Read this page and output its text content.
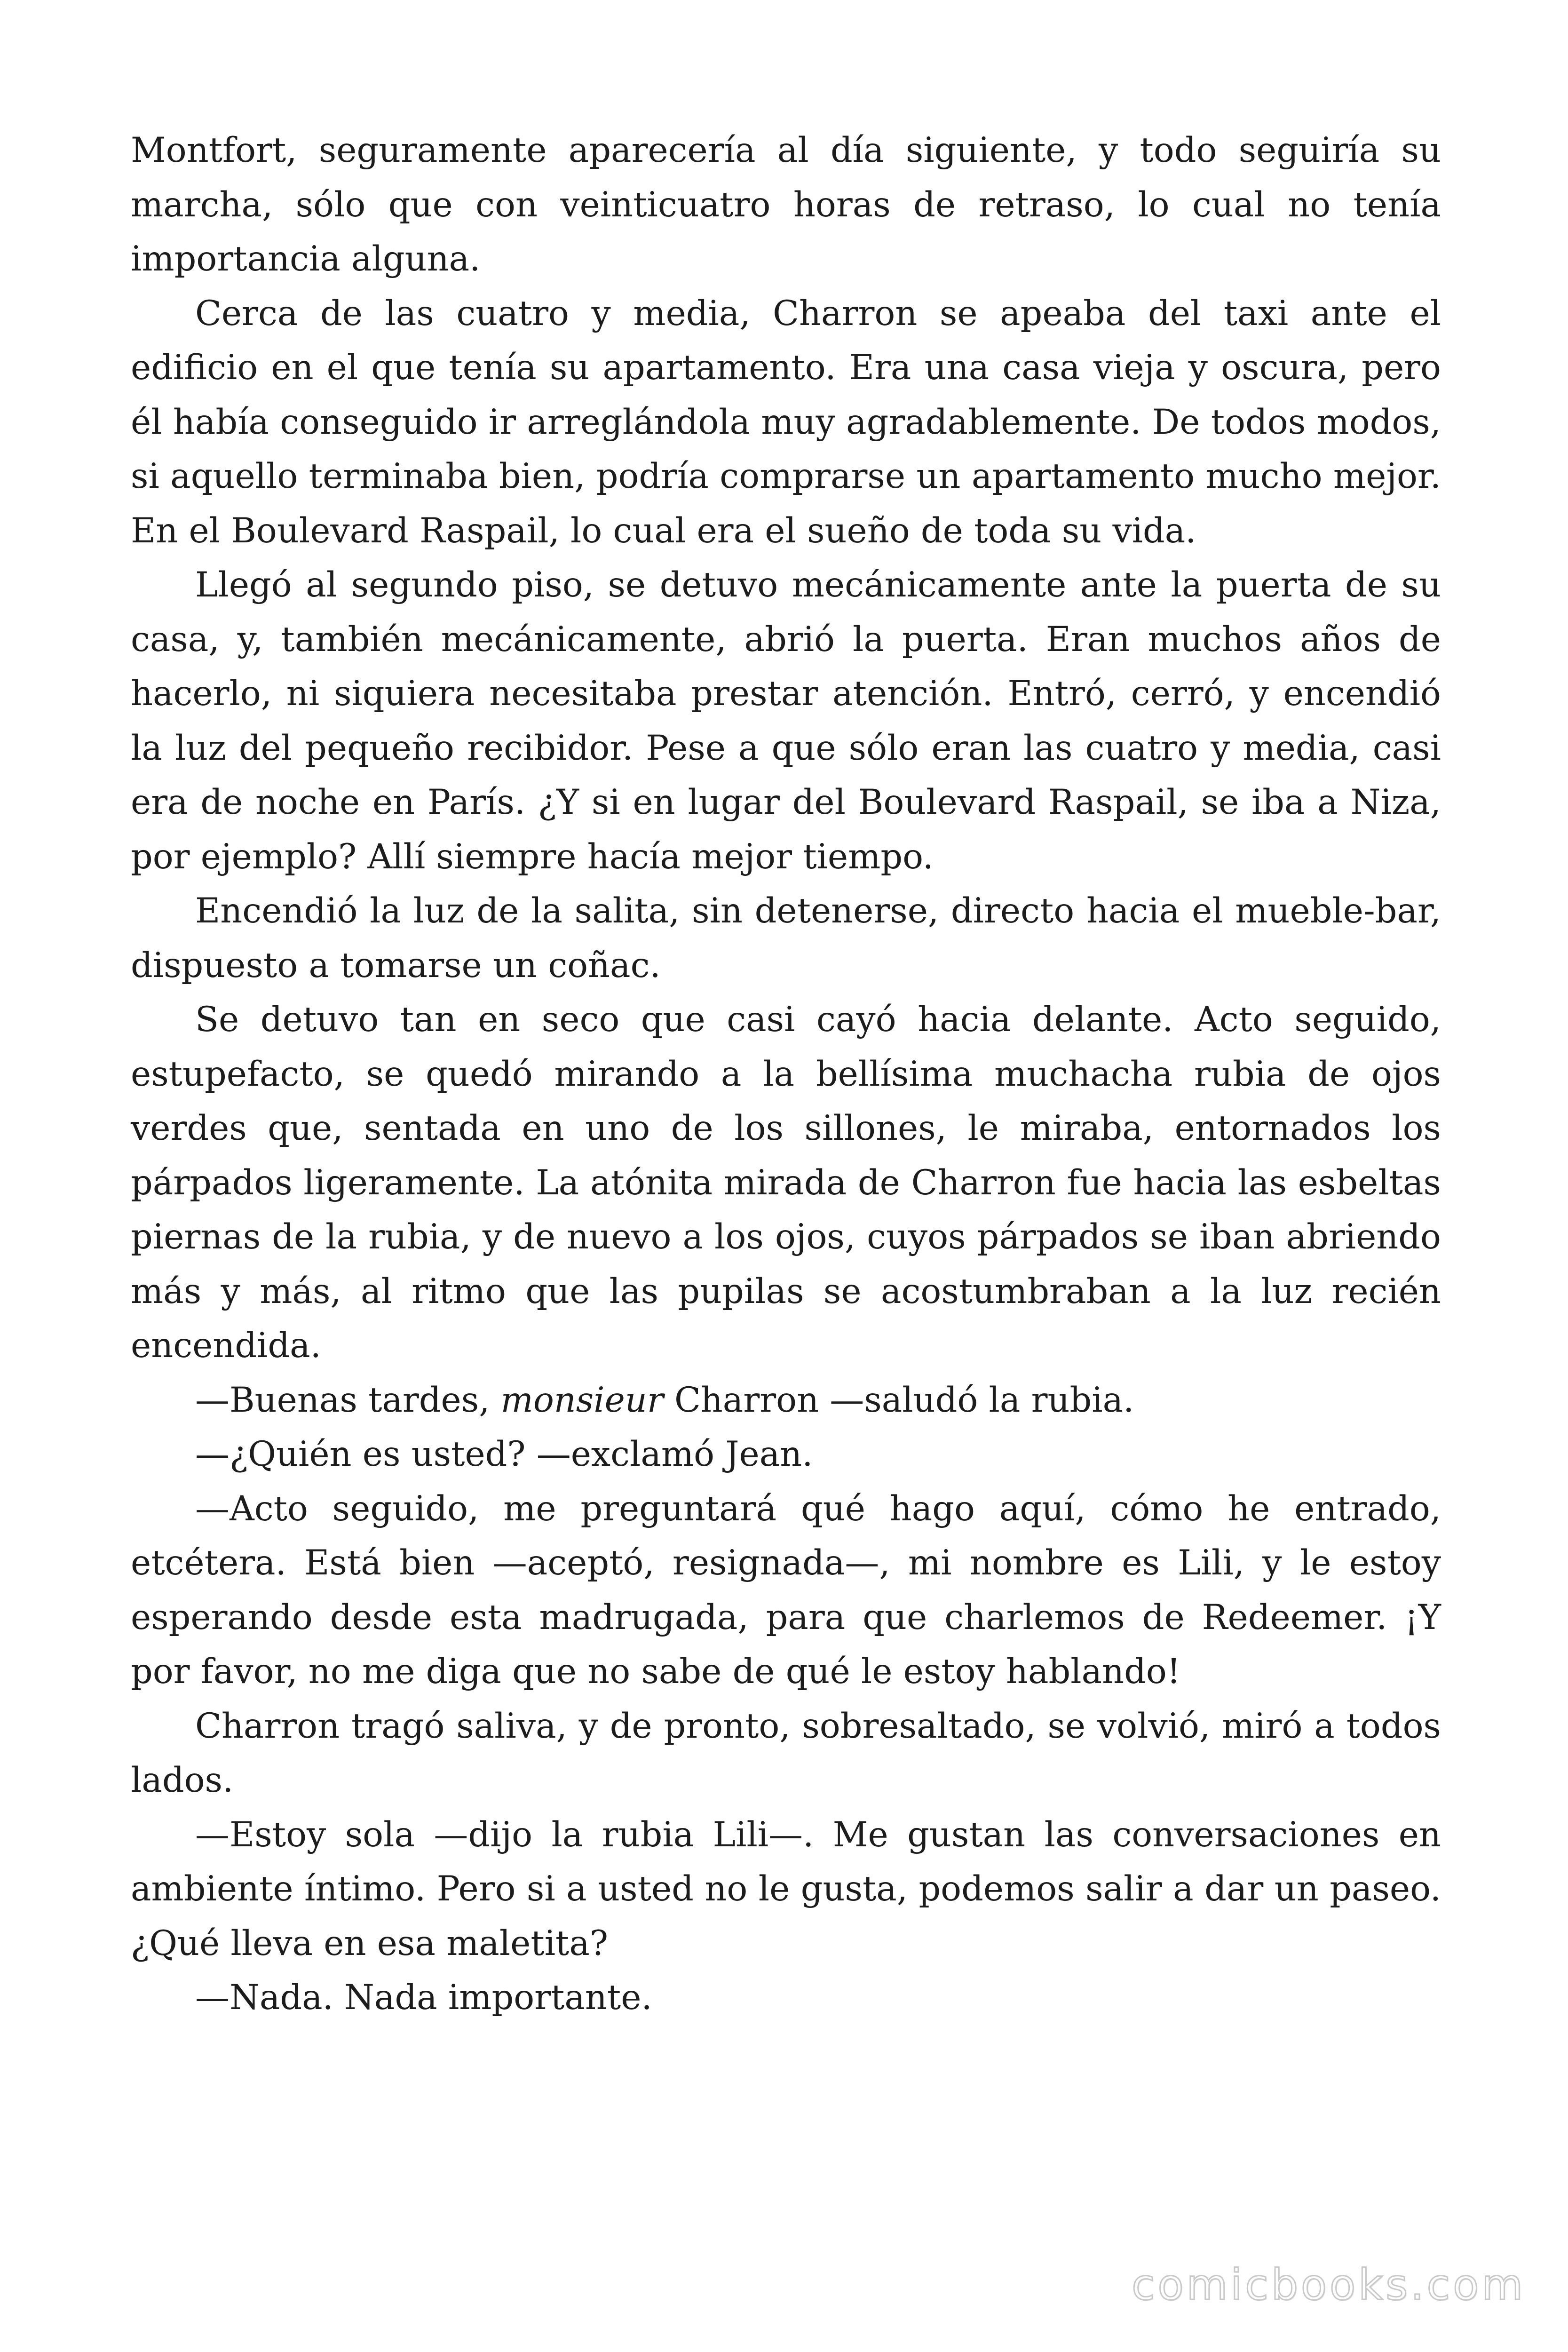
Montfort, seguramente aparecería al día siguiente, y todo seguiría su marcha, sólo que con veinticuatro horas de retraso, lo cual no tenía importancia alguna.

Cerca de las cuatro y media, Charron se apeaba del taxi ante el edificio en el que tenía su apartamento. Era una casa vieja y oscura, pero él había conseguido ir arreglándola muy agradablemente. De todos modos, si aquello terminaba bien, podría comprarse un apartamento mucho mejor. En el Boulevard Raspail, lo cual era el sueño de toda su vida.

Llegó al segundo piso, se detuvo mecánicamente ante la puerta de su casa, y, también mecánicamente, abrió la puerta. Eran muchos años de hacerlo, ni siquiera necesitaba prestar atención. Entró, cerró, y encendió la luz del pequeño recibidor. Pese a que sólo eran las cuatro y media, casi era de noche en París. ¿Y si en lugar del Boulevard Raspail, se iba a Niza, por ejemplo? Allí siempre hacía mejor tiempo.

Encendió la luz de la salita, sin detenerse, directo hacia el mueble-bar, dispuesto a tomarse un coñac.

Se detuvo tan en seco que casi cayó hacia delante. Acto seguido, estupefacto, se quedó mirando a la bellísima muchacha rubia de ojos verdes que, sentada en uno de los sillones, le miraba, entornados los párpados ligeramente. La atónita mirada de Charron fue hacia las esbeltas piernas de la rubia, y de nuevo a los ojos, cuyos párpados se iban abriendo más y más, al ritmo que las pupilas se acostumbraban a la luz recién encendida.

—Buenas tardes, monsieur Charron —saludó la rubia.

—¿Quién es usted? —exclamó Jean.

—Acto seguido, me preguntará qué hago aquí, cómo he entrado, etcétera. Está bien —aceptó, resignada—, mi nombre es Lili, y le estoy esperando desde esta madrugada, para que charlemos de Redeemer. ¡Y por favor, no me diga que no sabe de qué le estoy hablando!

Charron tragó saliva, y de pronto, sobresaltado, se volvió, miró a todos lados.

—Estoy sola —dijo la rubia Lili—. Me gustan las conversaciones en ambiente íntimo. Pero si a usted no le gusta, podemos salir a dar un paseo. ¿Qué lleva en esa maletita?

—Nada. Nada importante.

comicbooks.com
